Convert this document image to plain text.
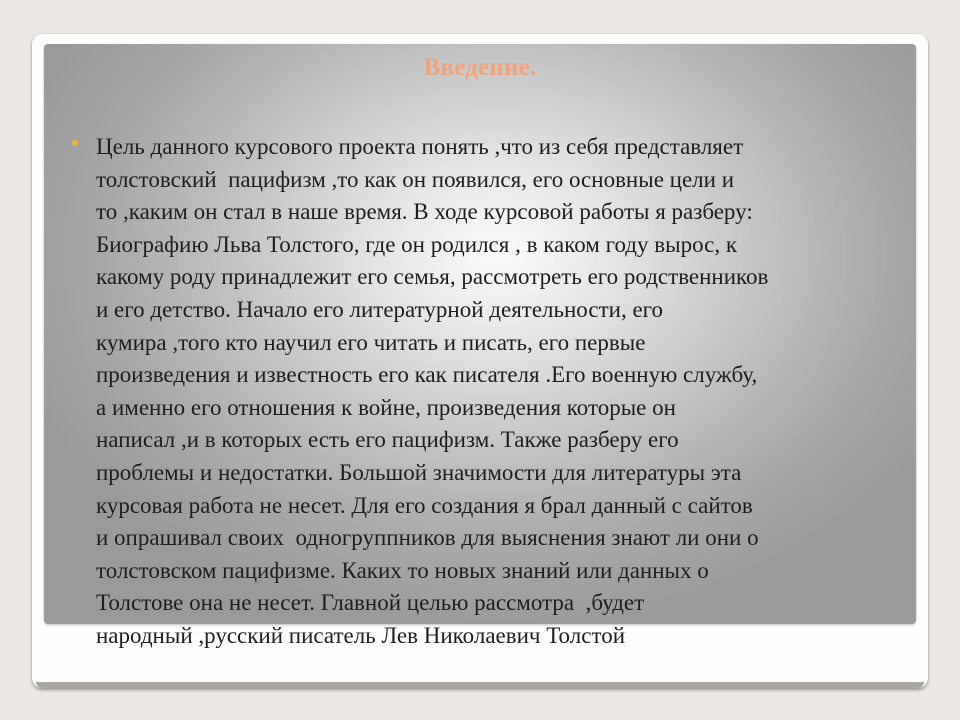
Введение.

Цель данного курсового проекта понять ,что из себя представляет
толстовский  пацифизм ,то как он появился, его основные цели и
то ,каким он стал в наше время. В ходе курсовой работы я разберу:
Биографию Льва Толстого, где он родился , в каком году вырос, к
какому роду принадлежит его семья, рассмотреть его родственников
и его детство. Начало его литературной деятельности, его
кумира ,того кто научил его читать и писать, его первые
произведения и известность его как писателя .Его военную службу,
а именно его отношения к войне, произведения которые он
написал ,и в которых есть его пацифизм. Также разберу его
проблемы и недостатки. Большой значимости для литературы эта
курсовая работа не несет. Для его создания я брал данный с сайтов
и опрашивал своих  одногруппников для выяснения знают ли они о
толстовском пацифизме. Каких то новых знаний или данных о
Толстове она не несет. Главной целью рассмотра  ,будет
народный ,русский писатель Лев Николаевич Толстой
